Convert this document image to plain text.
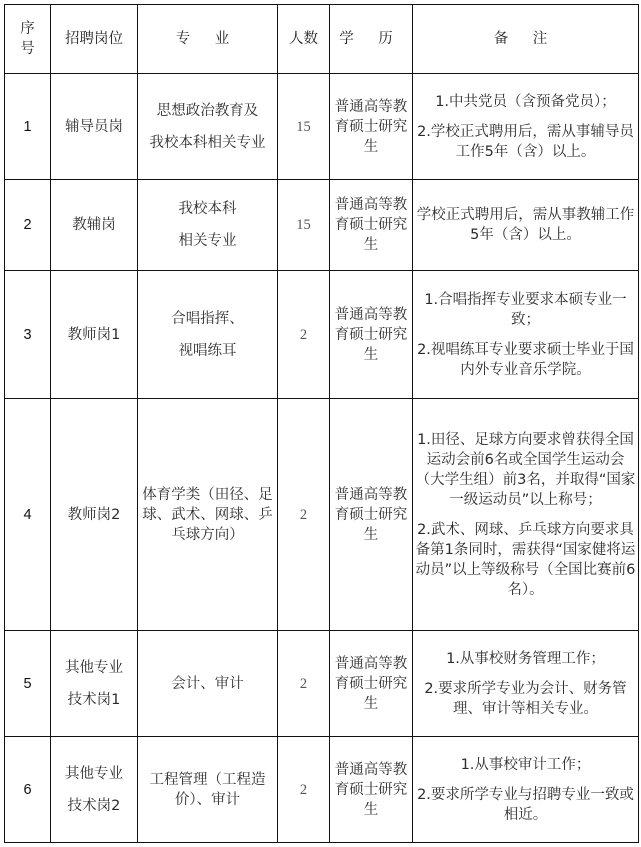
序号	招聘岗位	专 业	人数	学 历	备 注
1	辅导员岗	思想政治教育及
我校本科相关专业	15	普通高等教育硕士研究生	1.中共党员（含预备党员）；
2.学校正式聘用后，需从事辅导员工作5年（含）以上。

2	教辅岗	我校本科
相关专业	15	普通高等教育硕士研究生	学校正式聘用后，需从事教辅工作5年（含）以上。

3	教师岗1	合唱指挥、
视唱练耳	2	普通高等教育硕士研究生	1.合唱指挥专业要求本硕专业一致；
2.视唱练耳专业要求硕士毕业于国内外专业音乐学院。

4	教师岗2	体育学类（田径、足球、武术、网球、乒乓球方向）	2	普通高等教育硕士研究生	1.田径、足球方向要求曾获得全国运动会前6名或全国学生运动会（大学生组）前3名，并取得“国家一级运动员”以上称号；
2.武术、网球、乒乓球方向要求具备第1条同时，需获得“国家健将运动员”以上等级称号（全国比赛前6名）。

5	其他专业
技术岗1	会计、审计	2	普通高等教育硕士研究生	1.从事校财务管理工作；
2.要求所学专业为会计、财务管理、审计等相关专业。

6	其他专业
技术岗2	工程管理（工程造价）、审计	2	普通高等教育硕士研究生	1.从事校审计工作；
2.要求所学专业与招聘专业一致或相近。
